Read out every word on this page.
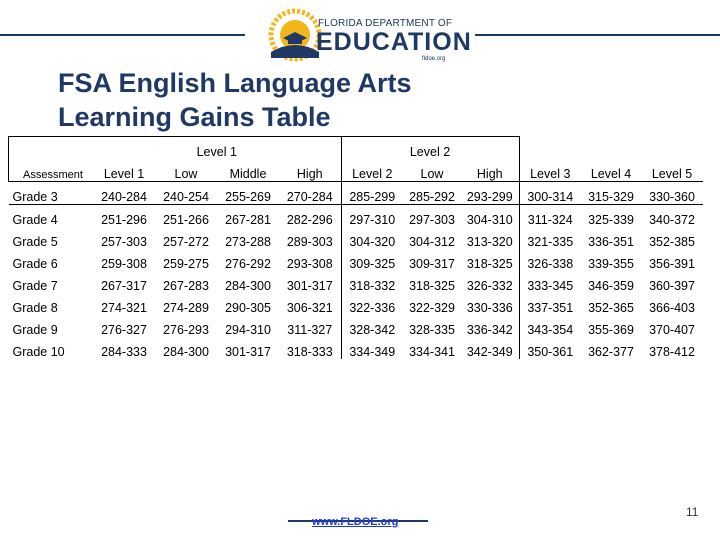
FLORIDA DEPARTMENT OF
EDUCATION
fldoe.org
FSA English Language Arts
Learning Gains Table
	Level 1				Level 2					
Assessment	Level 1	Low	Middle	High	Level 2	Low	High	Level 3	Level 4	Level 5
Grade 3	240-284	240-254	255-269	270-284	285-299	285-292	293-299	300-314	315-329	330-360
Grade 4	251-296	251-266	267-281	282-296	297-310	297-303	304-310	311-324	325-339	340-372
Grade 5	257-303	257-272	273-288	289-303	304-320	304-312	313-320	321-335	336-351	352-385
Grade 6	259-308	259-275	276-292	293-308	309-325	309-317	318-325	326-338	339-355	356-391
Grade 7	267-317	267-283	284-300	301-317	318-332	318-325	326-332	333-345	346-359	360-397
Grade 8	274-321	274-289	290-305	306-321	322-336	322-329	330-336	337-351	352-365	366-403
Grade 9	276-327	276-293	294-310	311-327	328-342	328-335	336-342	343-354	355-369	370-407
Grade 10	284-333	284-300	301-317	318-333	334-349	334-341	342-349	350-361	362-377	378-412
www.FLDOE.org
11
